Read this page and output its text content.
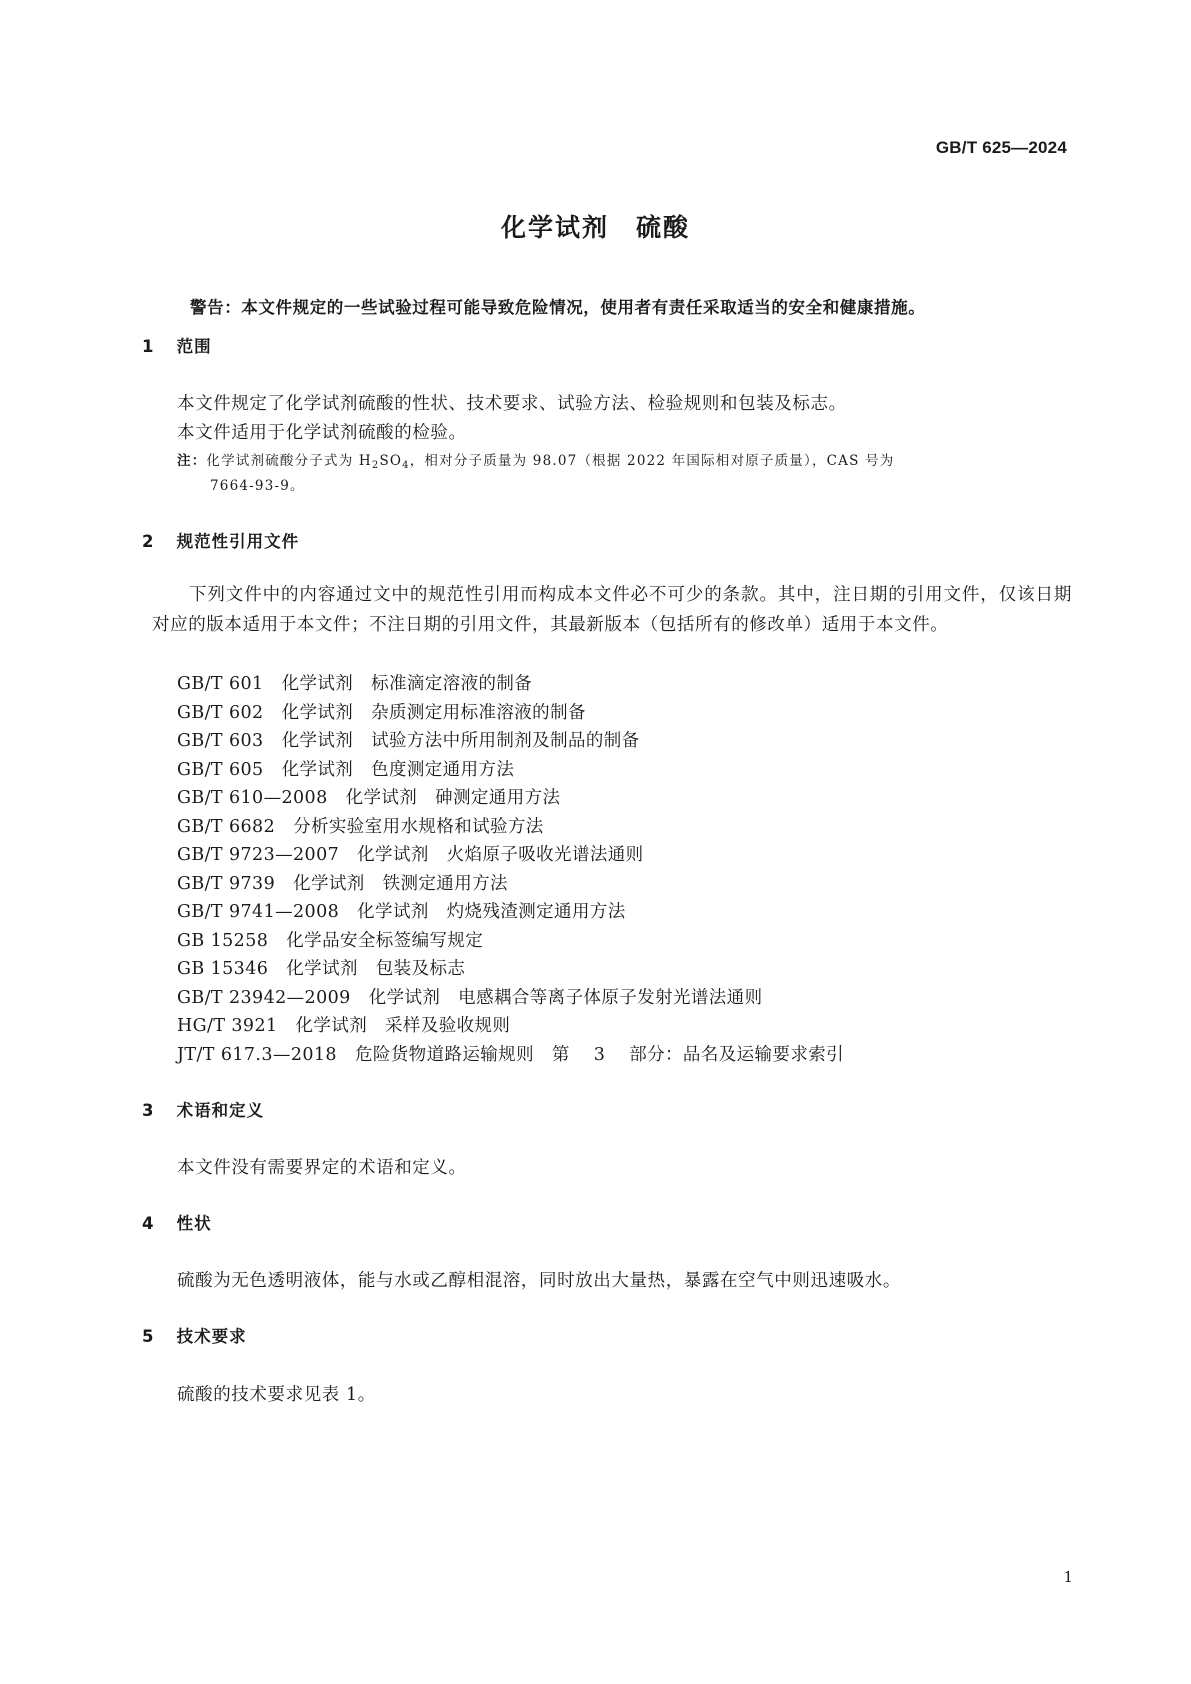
GB/T 625—2024
化学试剂　硫酸
警告：本文件规定的一些试验过程可能导致危险情况，使用者有责任采取适当的安全和健康措施。
1 范围
本文件规定了化学试剂硫酸的性状、技术要求、试验方法、检验规则和包装及标志。
本文件适用于化学试剂硫酸的检验。
注：化学试剂硫酸分子式为 $H_2SO_4$，相对分子质量为 98.07（根据 2022 年国际相对原子质量），CAS 号为
7664-93-9。
2 规范性引用文件
下列文件中的内容通过文中的规范性引用而构成本文件必不可少的条款。其中，注日期的引用文件，仅该日期对应的版本适用于本文件；不注日期的引用文件，其最新版本（包括所有的修改单）适用于本文件。
GB/T 601 化学试剂　标准滴定溶液的制备
GB/T 602 化学试剂　杂质测定用标准溶液的制备
GB/T 603 化学试剂　试验方法中所用制剂及制品的制备
GB/T 605 化学试剂　色度测定通用方法
GB/T 610—2008 化学试剂　砷测定通用方法
GB/T 6682 分析实验室用水规格和试验方法
GB/T 9723—2007 化学试剂　火焰原子吸收光谱法通则
GB/T 9739 化学试剂　铁测定通用方法
GB/T 9741—2008 化学试剂　灼烧残渣测定通用方法
GB 15258 化学品安全标签编写规定
GB 15346 化学试剂　包装及标志
GB/T 23942—2009 化学试剂　电感耦合等离子体原子发射光谱法通则
HG/T 3921 化学试剂　采样及验收规则
JT/T 617.3—2018 危险货物道路运输规则　第 3 部分：品名及运输要求索引
3 术语和定义
本文件没有需要界定的术语和定义。
4 性状
硫酸为无色透明液体，能与水或乙醇相混溶，同时放出大量热，暴露在空气中则迅速吸水。
5 技术要求
硫酸的技术要求见表 1。
1
